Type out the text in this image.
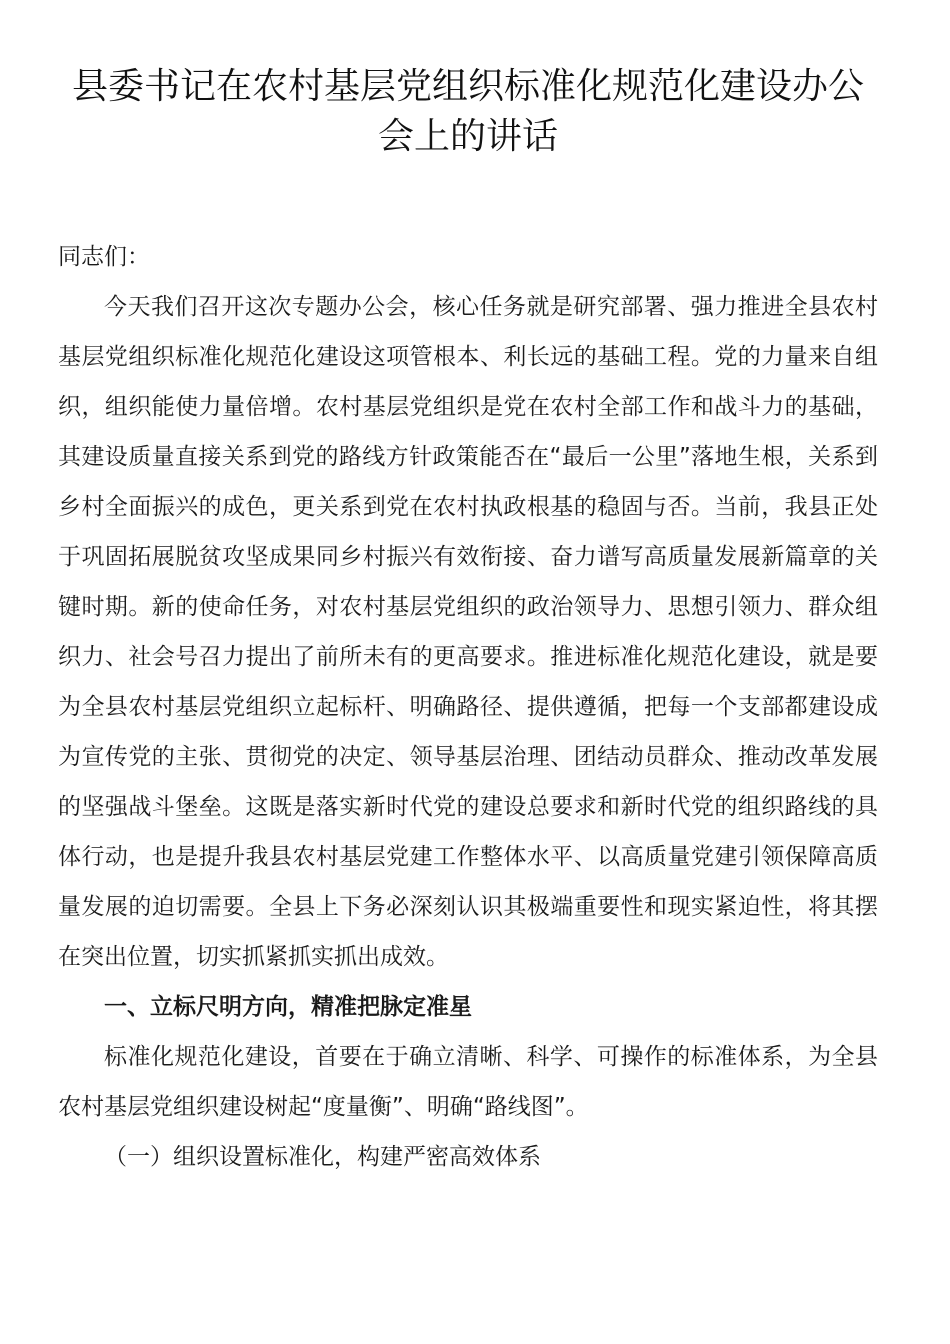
县委书记在农村基层党组织标准化规范化建设办公会上的讲话

同志们：

今天我们召开这次专题办公会，核心任务就是研究部署、强力推进全县农村基层党组织标准化规范化建设这项管根本、利长远的基础工程。党的力量来自组织，组织能使力量倍增。农村基层党组织是党在农村全部工作和战斗力的基础，其建设质量直接关系到党的路线方针政策能否在“最后一公里”落地生根，关系到乡村全面振兴的成色，更关系到党在农村执政根基的稳固与否。当前，我县正处于巩固拓展脱贫攻坚成果同乡村振兴有效衔接、奋力谱写高质量发展新篇章的关键时期。新的使命任务，对农村基层党组织的政治领导力、思想引领力、群众组织力、社会号召力提出了前所未有的更高要求。推进标准化规范化建设，就是要为全县农村基层党组织立起标杆、明确路径、提供遵循，把每一个支部都建设成为宣传党的主张、贯彻党的决定、领导基层治理、团结动员群众、推动改革发展的坚强战斗堡垒。这既是落实新时代党的建设总要求和新时代党的组织路线的具体行动，也是提升我县农村基层党建工作整体水平、以高质量党建引领保障高质量发展的迫切需要。全县上下务必深刻认识其极端重要性和现实紧迫性，将其摆在突出位置，切实抓紧抓实抓出成效。

一、立标尺明方向，精准把脉定准星

标准化规范化建设，首要在于确立清晰、科学、可操作的标准体系，为全县农村基层党组织建设树起“度量衡”、明确“路线图”。

（一）组织设置标准化，构建严密高效体系
